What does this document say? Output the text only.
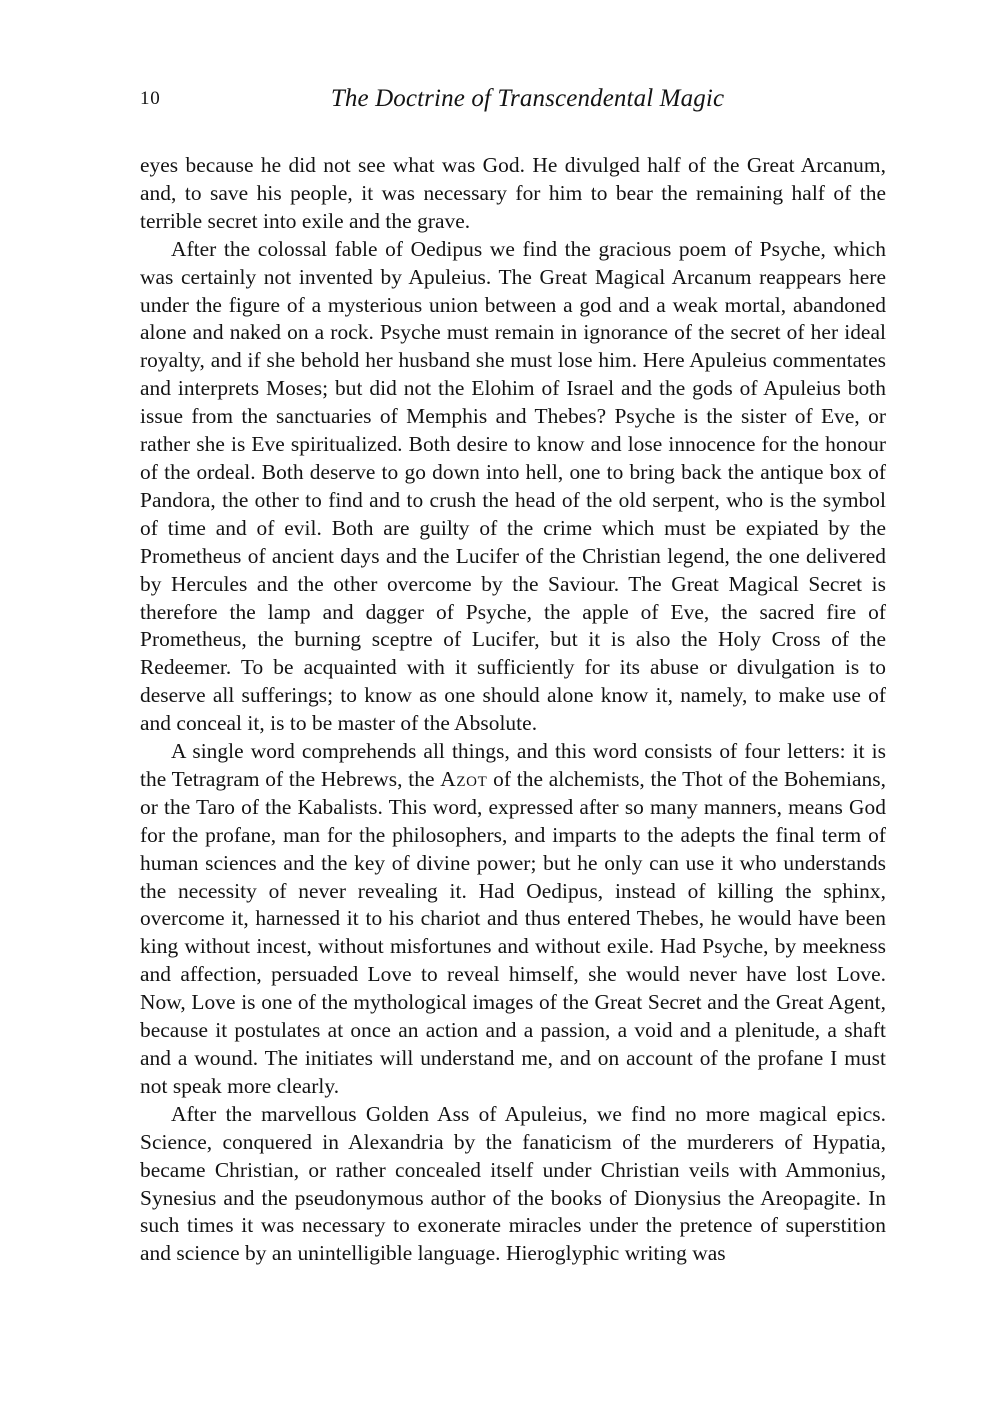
10	The Doctrine of Transcendental Magic

eyes because he did not see what was God. He divulged half of the Great Arcanum, and, to save his people, it was necessary for him to bear the remaining half of the terrible secret into exile and the grave.

After the colossal fable of Oedipus we find the gracious poem of Psyche, which was certainly not invented by Apuleius. The Great Magical Arcanum reappears here under the figure of a mysterious union between a god and a weak mortal, abandoned alone and naked on a rock. Psyche must remain in ignorance of the secret of her ideal royalty, and if she behold her husband she must lose him. Here Apuleius commentates and interprets Moses; but did not the Elohim of Israel and the gods of Apuleius both issue from the sanctuaries of Memphis and Thebes? Psyche is the sister of Eve, or rather she is Eve spiritualized. Both desire to know and lose innocence for the honour of the ordeal. Both deserve to go down into hell, one to bring back the antique box of Pandora, the other to find and to crush the head of the old serpent, who is the symbol of time and of evil. Both are guilty of the crime which must be expiated by the Prometheus of ancient days and the Lucifer of the Christian legend, the one delivered by Hercules and the other overcome by the Saviour. The Great Magical Secret is therefore the lamp and dagger of Psyche, the apple of Eve, the sacred fire of Prometheus, the burning sceptre of Lucifer, but it is also the Holy Cross of the Redeemer. To be acquainted with it sufficiently for its abuse or divulgation is to deserve all sufferings; to know as one should alone know it, namely, to make use of and conceal it, is to be master of the Absolute.

A single word comprehends all things, and this word consists of four letters: it is the Tetragram of the Hebrews, the Azot of the alchemists, the Thot of the Bohemians, or the Taro of the Kabalists. This word, expressed after so many manners, means God for the profane, man for the philosophers, and imparts to the adepts the final term of human sciences and the key of divine power; but he only can use it who understands the necessity of never revealing it. Had Oedipus, instead of killing the sphinx, overcome it, harnessed it to his chariot and thus entered Thebes, he would have been king without incest, without misfortunes and without exile. Had Psyche, by meekness and affection, persuaded Love to reveal himself, she would never have lost Love. Now, Love is one of the mythological images of the Great Secret and the Great Agent, because it postulates at once an action and a passion, a void and a plenitude, a shaft and a wound. The initiates will understand me, and on account of the profane I must not speak more clearly.

After the marvellous Golden Ass of Apuleius, we find no more magical epics. Science, conquered in Alexandria by the fanaticism of the murderers of Hypatia, became Christian, or rather concealed itself under Christian veils with Ammonius, Synesius and the pseudonymous author of the books of Dionysius the Areopagite. In such times it was necessary to exonerate miracles under the pretence of superstition and science by an unintelligible language. Hieroglyphic writing was
